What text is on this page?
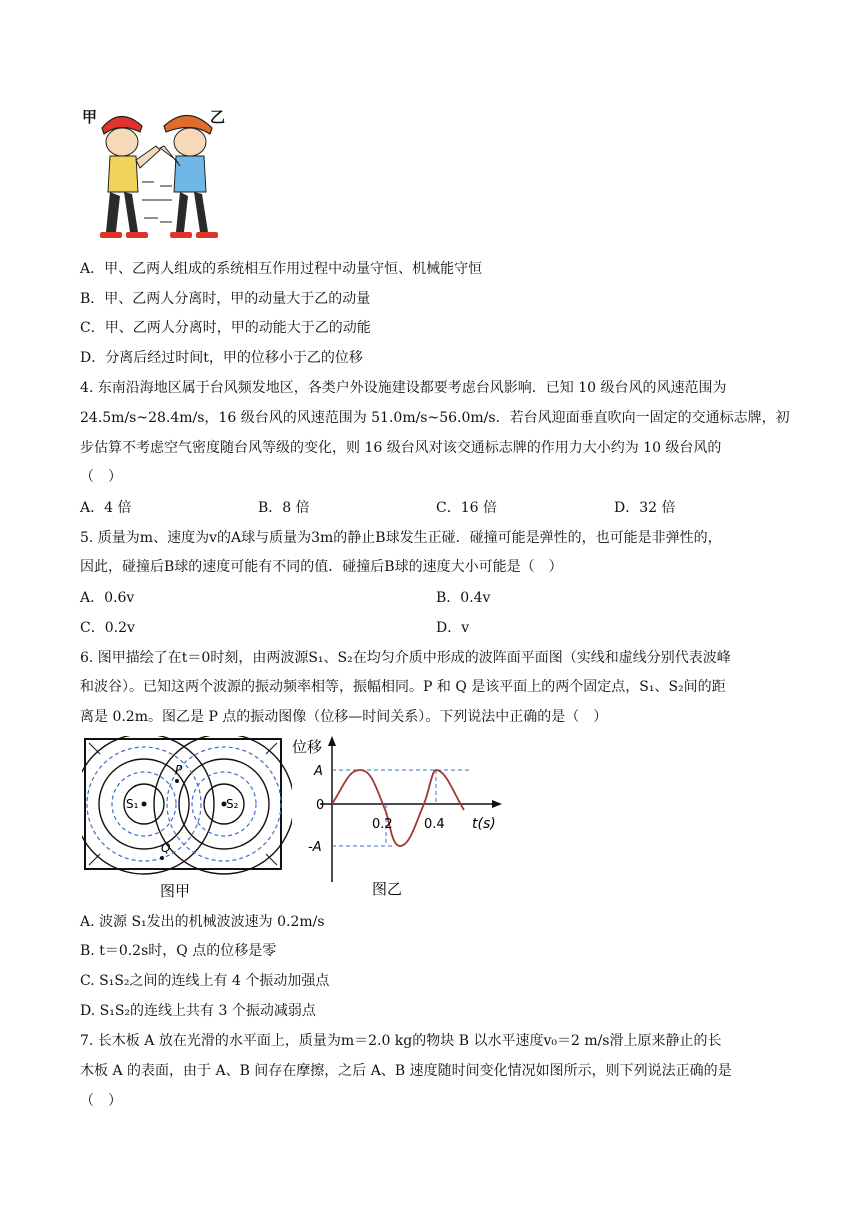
甲	乙
A．甲、乙两人组成的系统相互作用过程中动量守恒、机械能守恒
B．甲、乙两人分离时，甲的动量大于乙的动量
C．甲、乙两人分离时，甲的动能大于乙的动能
D．分离后经过时间t，甲的位移小于乙的位移
4. 东南沿海地区属于台风频发地区，各类户外设施建设都要考虑台风影响．已知 10 级台风的风速范围为
24.5m/s~28.4m/s，16 级台风的风速范围为 51.0m/s~56.0m/s．若台风迎面垂直吹向一固定的交通标志牌，初
步估算不考虑空气密度随台风等级的变化，则 16 级台风对该交通标志牌的作用力大小约为 10 级台风的
（　）
A．4 倍	B．8 倍	C．16 倍	D．32 倍
5. 质量为m、速度为v的A球与质量为3m的静止B球发生正碰．碰撞可能是弹性的，也可能是非弹性的，
因此，碰撞后B球的速度可能有不同的值．碰撞后B球的速度大小可能是（　）
A．0.6v	B．0.4v
C．0.2v	D．v
6. 图甲描绘了在t＝0时刻，由两波源S₁、S₂在均匀介质中形成的波阵面平面图（实线和虚线分别代表波峰
和波谷）。已知这两个波源的振动频率相等，振幅相同。P 和 Q 是该平面上的两个固定点，S₁、S₂间的距
离是 0.2m。图乙是 P 点的振动图像（位移—时间关系）。下列说法中正确的是（　）
S₁	S₂
P
Q
图甲
位移
A
0
-A
0.2 0.4 t(s)
图乙
A. 波源 S₁发出的机械波波速为 0.2m/s
B. t＝0.2s时，Q 点的位移是零
C. S₁S₂之间的连线上有 4 个振动加强点
D. S₁S₂的连线上共有 3 个振动减弱点
7. 长木板 A 放在光滑的水平面上，质量为m＝2.0 kg的物块 B 以水平速度v₀＝2 m/s滑上原来静止的长
木板 A 的表面，由于 A、B 间存在摩擦，之后 A、B 速度随时间变化情况如图所示，则下列说法正确的是
（　）
